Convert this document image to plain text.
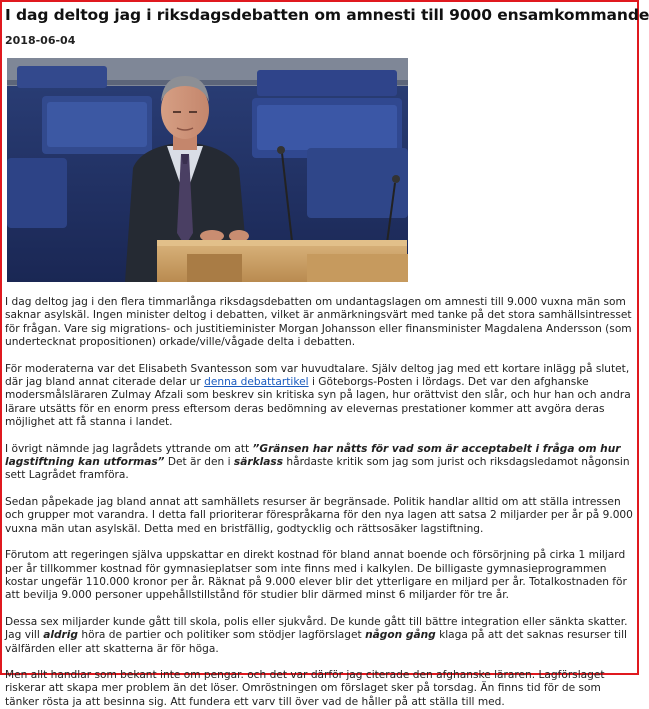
I dag deltog jag i riksdagsdebatten om amnesti till 9000 ensamkommande
2018-06-04

I dag deltog jag i den flera timmarlånga riksdagsdebatten om undantagslagen om amnesti till 9.000 vuxna män som saknar asylskäl. Ingen minister deltog i debatten, vilket är anmärkningsvärt med tanke på det stora samhällsintresset för frågan. Vare sig migrations- och justitieminister Morgan Johansson eller finansminister Magdalena Andersson (som undertecknat propositionen) orkade/ville/vågade delta i debatten.

För moderaterna var det Elisabeth Svantesson som var huvudtalare. Själv deltog jag med ett kortare inlägg på slutet, där jag bland annat citerade delar ur denna debattartikel i Göteborgs-Posten i lördags. Det var den afghanske modersmålsläraren Zulmay Afzali som beskrev sin kritiska syn på lagen, hur orättvist den slår, och hur han och andra lärare utsätts för en enorm press eftersom deras bedömning av elevernas prestationer kommer att avgöra deras möjlighet att få stanna i landet.

I övrigt nämnde jag lagrådets yttrande om att ”Gränsen har nåtts för vad som är acceptabelt i fråga om hur lagstiftning kan utformas” Det är den i särklass hårdaste kritik som jag som jurist och riksdagsledamot någonsin sett Lagrådet framföra.

Sedan påpekade jag bland annat att samhällets resurser är begränsade. Politik handlar alltid om att ställa intressen och grupper mot varandra. I detta fall prioriterar förespråkarna för den nya lagen att satsa 2 miljarder per år på 9.000 vuxna män utan asylskäl. Detta med en bristfällig, godtycklig och rättsosäker lagstiftning.

Förutom att regeringen själva uppskattar en direkt kostnad för bland annat boende och försörjning på cirka 1 miljard per år tillkommer kostnad för gymnasieplatser som inte finns med i kalkylen. De billigaste gymnasieprogrammen kostar ungefär 110.000 kronor per år. Räknat på 9.000 elever blir det ytterligare en miljard per år. Totalkostnaden för att bevilja 9.000 personer uppehållstillstånd för studier blir därmed minst 6 miljarder för tre år.

Dessa sex miljarder kunde gått till skola, polis eller sjukvård. De kunde gått till bättre integration eller sänkta skatter. Jag vill aldrig höra de partier och politiker som stödjer lagförslaget någon gång klaga på att det saknas resurser till välfärden eller att skatterna är för höga.

Men allt handlar som bekant inte om pengar. och det var därför jag citerade den afghanske läraren. Lagförslaget riskerar att skapa mer problem än det löser. Omröstningen om förslaget sker på torsdag. Än finns tid för de som tänker rösta ja att besinna sig. Att fundera ett varv till över vad de håller på att ställa till med.
